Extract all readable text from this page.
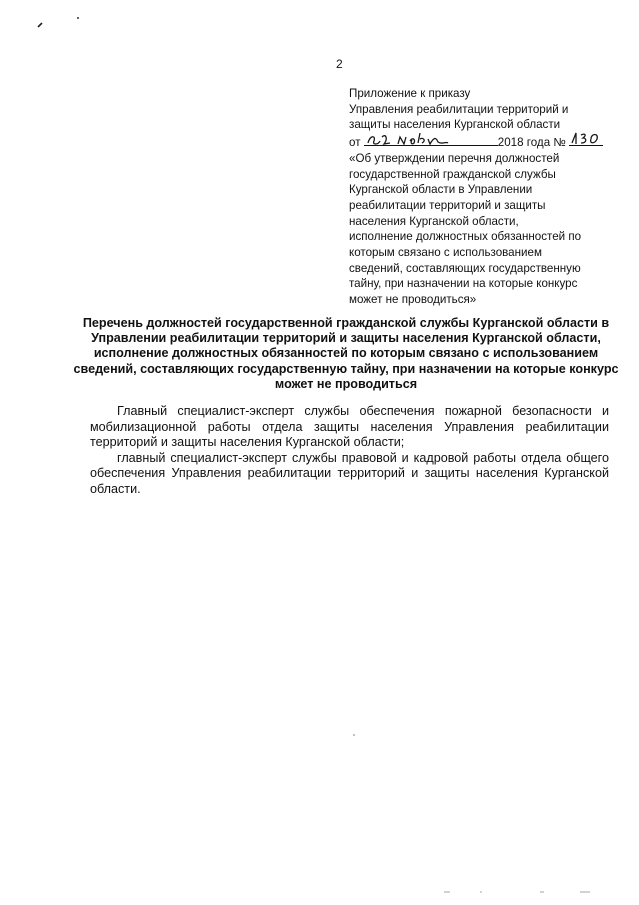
2
Приложение к приказу
Управления реабилитации территорий и
защиты населения Курганской области
от	2018 года №
«Об утверждении перечня должностей
государственной гражданской службы
Курганской области в Управлении
реабилитации территорий и защиты
населения Курганской области,
исполнение должностных обязанностей по
которым связано с использованием
сведений, составляющих государственную
тайну, при назначении на которые конкурс
может не проводиться»
Перечень должностей государственной гражданской службы Курганской области в Управлении реабилитации территорий и защиты населения Курганской области, исполнение должностных обязанностей по которым связано с использованием сведений, составляющих государственную тайну, при назначении на которые конкурс может не проводиться

Главный специалист-эксперт службы обеспечения пожарной безопасности и мобилизационной работы отдела защиты населения Управления реабилитации территорий и защиты населения Курганской области;

главный специалист-эксперт службы правовой и кадровой работы отдела общего обеспечения Управления реабилитации территорий и защиты населения Курганской области.
